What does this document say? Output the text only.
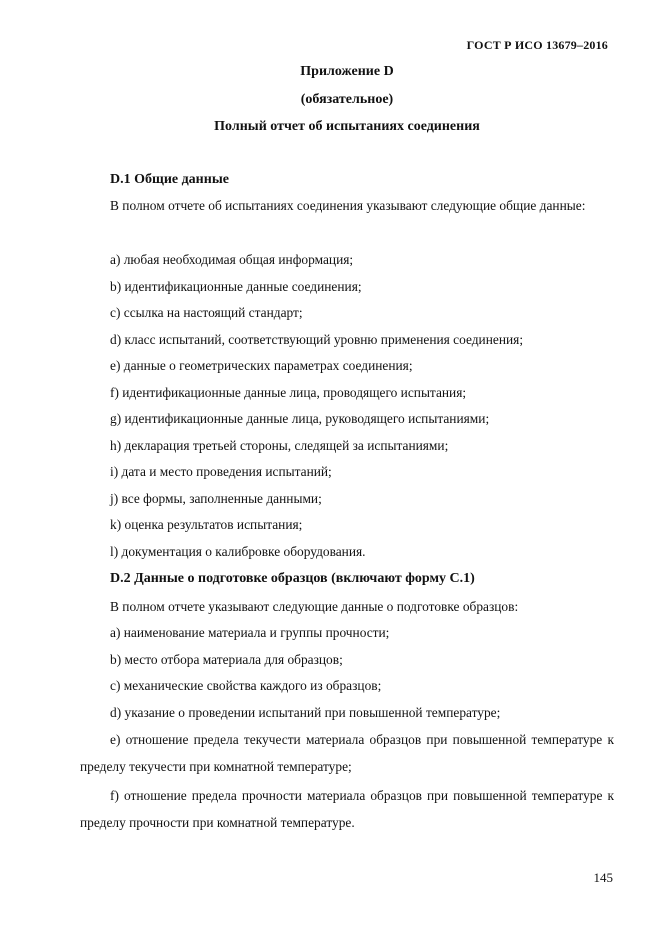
ГОСТ Р ИСО 13679–2016
Приложение D
(обязательное)
Полный отчет об испытаниях соединения
D.1 Общие данные
В полном отчете об испытаниях соединения указывают следующие общие данные:
a) любая необходимая общая информация;
b) идентификационные данные соединения;
c) ссылка на настоящий стандарт;
d) класс испытаний, соответствующий уровню применения соединения;
e) данные о геометрических параметрах соединения;
f) идентификационные данные лица, проводящего испытания;
g) идентификационные данные лица, руководящего испытаниями;
h) декларация третьей стороны, следящей за испытаниями;
i) дата и место проведения испытаний;
j) все формы, заполненные данными;
k) оценка результатов испытания;
l) документация о калибровке оборудования.
D.2 Данные о подготовке образцов (включают форму С.1)
В полном отчете указывают следующие данные о подготовке образцов:
a) наименование материала и группы прочности;
b) место отбора материала для образцов;
c) механические свойства каждого из образцов;
d) указание о проведении испытаний при повышенной температуре;
е) отношение предела текучести материала образцов при повышенной температуре к пределу текучести при комнатной температуре;
f) отношение предела прочности материала образцов при повышенной температуре к пределу прочности при комнатной температуре.
145
